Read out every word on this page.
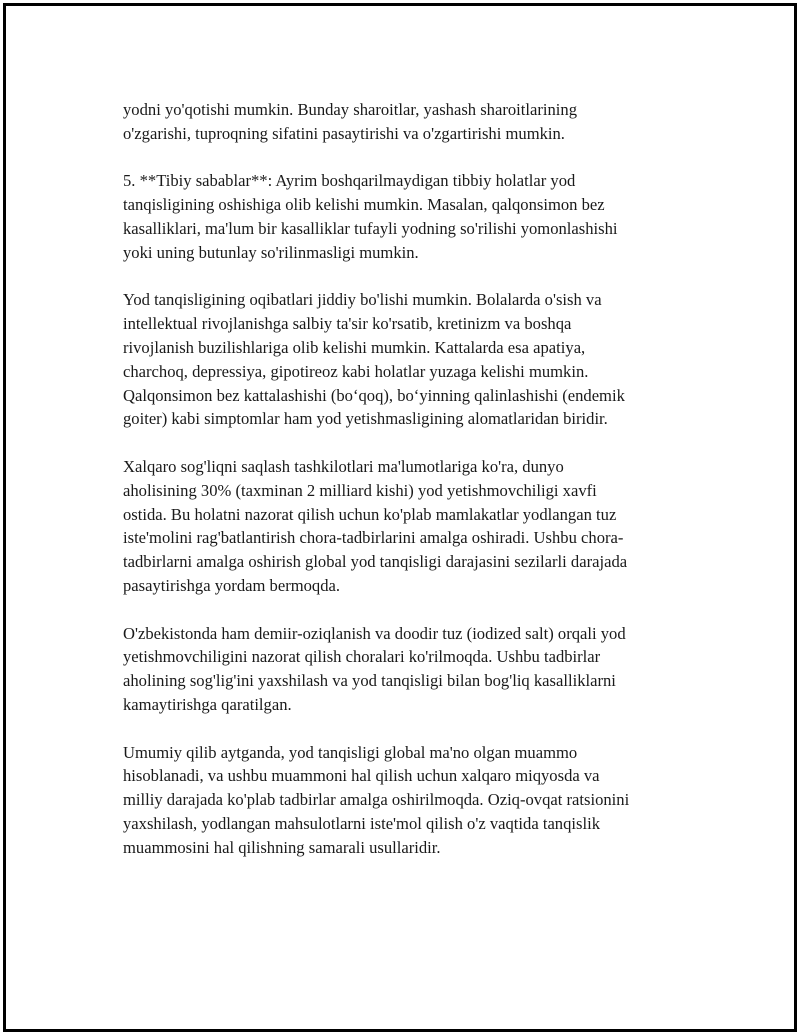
yodni yo'qotishi mumkin. Bunday sharoitlar, yashash sharoitlarining
o'zgarishi, tuproqning sifatini pasaytirishi va o'zgartirishi mumkin.

5. **Tibiy sabablar**: Ayrim boshqarilmaydigan tibbiy holatlar yod
tanqisligining oshishiga olib kelishi mumkin. Masalan, qalqonsimon bez
kasalliklari, ma'lum bir kasalliklar tufayli yodning so'rilishi yomonlashishi
yoki uning butunlay so'rilinmasligi mumkin.

Yod tanqisligining oqibatlari jiddiy bo'lishi mumkin. Bolalarda o'sish va
intellektual rivojlanishga salbiy ta'sir ko'rsatib, kretinizm va boshqa
rivojlanish buzilishlariga olib kelishi mumkin. Kattalarda esa apatiya,
charchoq, depressiya, gipotireoz kabi holatlar yuzaga kelishi mumkin.
Qalqonsimon bez kattalashishi (bo‘qoq), bo‘yinning qalinlashishi (endemik
goiter) kabi simptomlar ham yod yetishmasligining alomatlaridan biridir.

Xalqaro sog'liqni saqlash tashkilotlari ma'lumotlariga ko'ra, dunyo
aholisining 30% (taxminan 2 milliard kishi) yod yetishmovchiligi xavfi
ostida. Bu holatni nazorat qilish uchun ko'plab mamlakatlar yodlangan tuz
iste'molini rag'batlantirish chora-tadbirlarini amalga oshiradi. Ushbu chora-
tadbirlarni amalga oshirish global yod tanqisligi darajasini sezilarli darajada
pasaytirishga yordam bermoqda.

O'zbekistonda ham demiir-oziqlanish va doodir tuz (iodized salt) orqali yod
yetishmovchiligini nazorat qilish choralari ko'rilmoqda. Ushbu tadbirlar
aholining sog'lig'ini yaxshilash va yod tanqisligi bilan bog'liq kasalliklarni
kamaytirishga qaratilgan.

Umumiy qilib aytganda, yod tanqisligi global ma'no olgan muammo
hisoblanadi, va ushbu muammoni hal qilish uchun xalqaro miqyosda va
milliy darajada ko'plab tadbirlar amalga oshirilmoqda. Oziq-ovqat ratsionini
yaxshilash, yodlangan mahsulotlarni iste'mol qilish o'z vaqtida tanqislik
muammosini hal qilishning samarali usullaridir.
